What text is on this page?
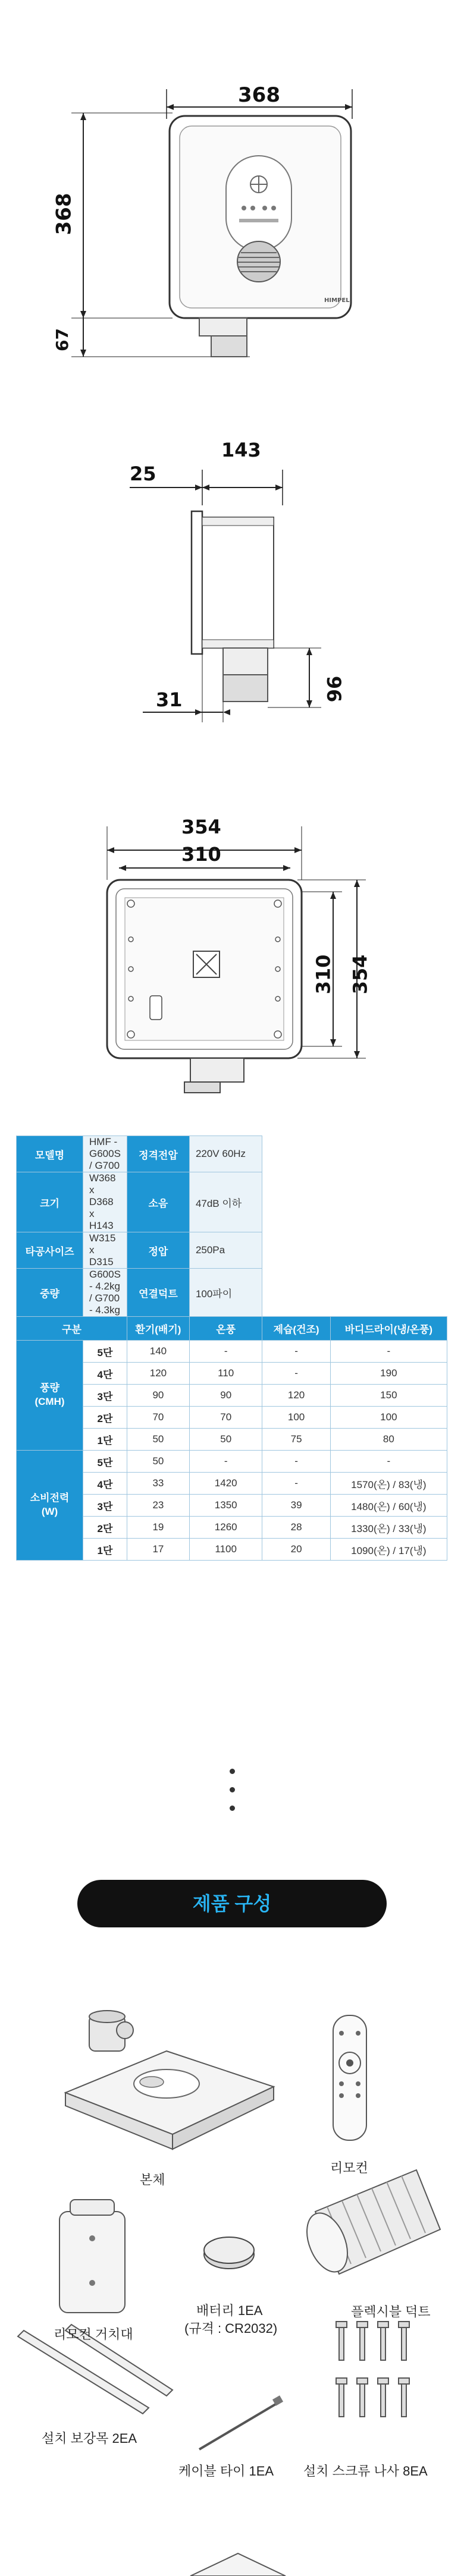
HIMPEL
368
368
67
25
143
31	96
354
310
310 354
모델명	HMF - G600S / G700	정격전압	220V 60Hz		
크기	W368 x D368 x H143	소음	47dB 이하		
타공사이즈	W315 x D315	정압	250Pa		
중량	G600S - 4.2kg / G700 - 4.3kg	연결덕트	100파이		
구분		환기(배기)	온풍	제습(건조)	바디드라이(냉/온풍)

풍량
(CMH)	5단	140	-	-	-
	4단	120	110	-	190
	3단	90	90	120	150
	2단	70	70	100	100
	1단	50	50	75	80

소비전력
(W)	5단	50	-	-	-
	4단	33	1420	-	1570(온) / 83(냉)
	3단	23	1350	39	1480(온) / 60(냉)
	2단	19	1260	28	1330(온) / 33(냉)
	1단	17	1100	20	1090(온) / 17(냉)
제품 구성
본체
리모컨
리모컨 거치대
배터리 1EA
(규격 : CR2032)
플렉시블 덕트
설치 보강목 2EA
케이블 타이 1EA 설치 스크류 나사 8EA
